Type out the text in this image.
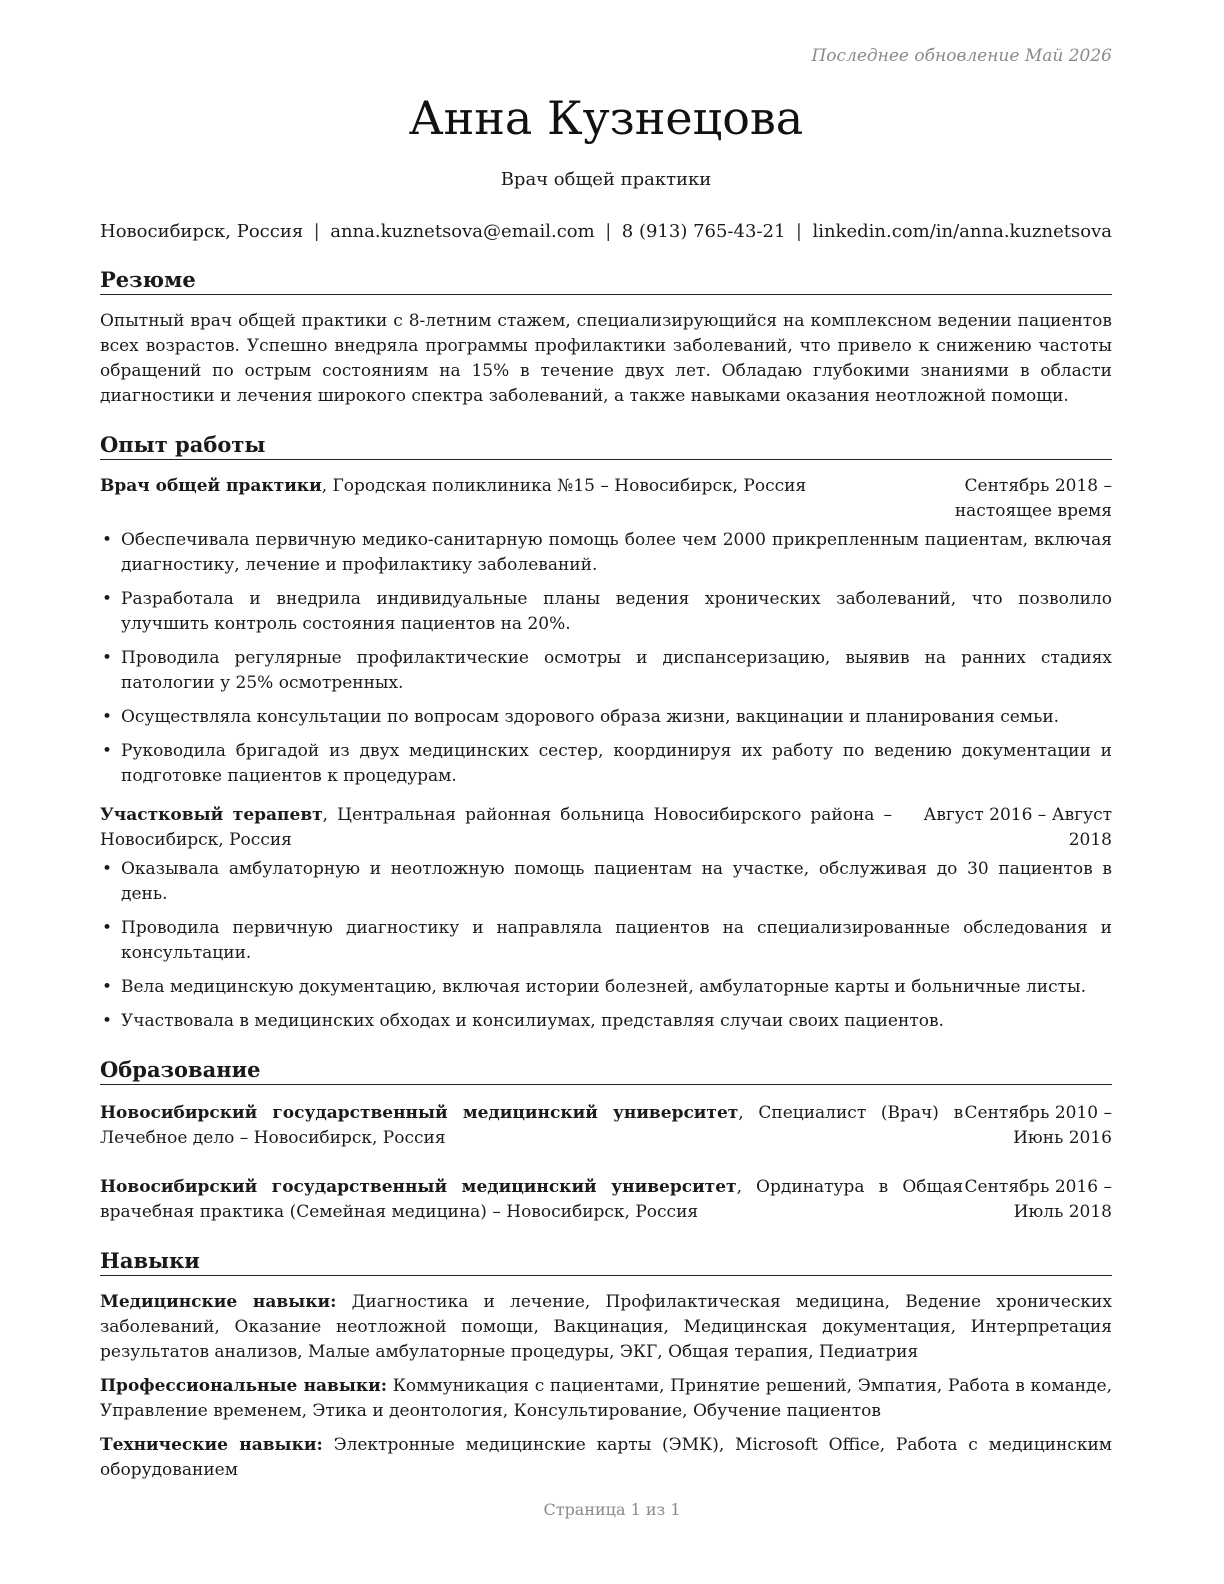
Последнее обновление Май 2026
Анна Кузнецова
Врач общей практики
Новосибирск, Россия | anna.kuznetsova@email.com | 8 (913) 765-43-21 | linkedin.com/in/anna.kuznetsova
Резюме
Опытный врач общей практики с 8-летним стажем, специализирующийся на комплексном ведении пациентов всех возрастов. Успешно внедряла программы профилактики заболеваний, что привело к снижению частоты обращений по острым состояниям на 15% в течение двух лет. Обладаю глубокими знаниями в области диагностики и лечения широкого спектра заболеваний, а также навыками оказания неотложной помощи.
Опыт работы
Врач общей практики, Городская поликлиника №15 – Новосибирск, Россия	Сентябрь 2018 – настоящее время
• Обеспечивала первичную медико-санитарную помощь более чем 2000 прикрепленным пациентам, включая диагностику, лечение и профилактику заболеваний.
• Разработала и внедрила индивидуальные планы ведения хронических заболеваний, что позволило улучшить контроль состояния пациентов на 20%.
• Проводила регулярные профилактические осмотры и диспансеризацию, выявив на ранних стадиях патологии у 25% осмотренных.
• Осуществляла консультации по вопросам здорового образа жизни, вакцинации и планирования семьи.
• Руководила бригадой из двух медицинских сестер, координируя их работу по ведению документации и подготовке пациентов к процедурам.
Участковый терапевт, Центральная районная больница Новосибирского района – Новосибирск, Россия
Август 2016 – Август 2018
• Оказывала амбулаторную и неотложную помощь пациентам на участке, обслуживая до 30 пациентов в день.
• Проводила первичную диагностику и направляла пациентов на специализированные обследования и консультации.
• Вела медицинскую документацию, включая истории болезней, амбулаторные карты и больничные листы.
• Участвовала в медицинских обходах и консилиумах, представляя случаи своих пациентов.
Образование
Новосибирский государственный медицинский университет, Специалист (Врач) в Лечебное дело – Новосибирск, Россия
Сентябрь 2010 – Июнь 2016
Новосибирский государственный медицинский университет, Ординатура в Общая врачебная практика (Семейная медицина) – Новосибирск, Россия
Сентябрь 2016 – Июль 2018
Навыки
Медицинские навыки: Диагностика и лечение, Профилактическая медицина, Ведение хронических заболеваний, Оказание неотложной помощи, Вакцинация, Медицинская документация, Интерпретация результатов анализов, Малые амбулаторные процедуры, ЭКГ, Общая терапия, Педиатрия
Профессиональные навыки: Коммуникация с пациентами, Принятие решений, Эмпатия, Работа в команде, Управление временем, Этика и деонтология, Консультирование, Обучение пациентов
Технические навыки: Электронные медицинские карты (ЭМК), Microsoft Office, Работа с медицинским оборудованием
Страница 1 из 1
